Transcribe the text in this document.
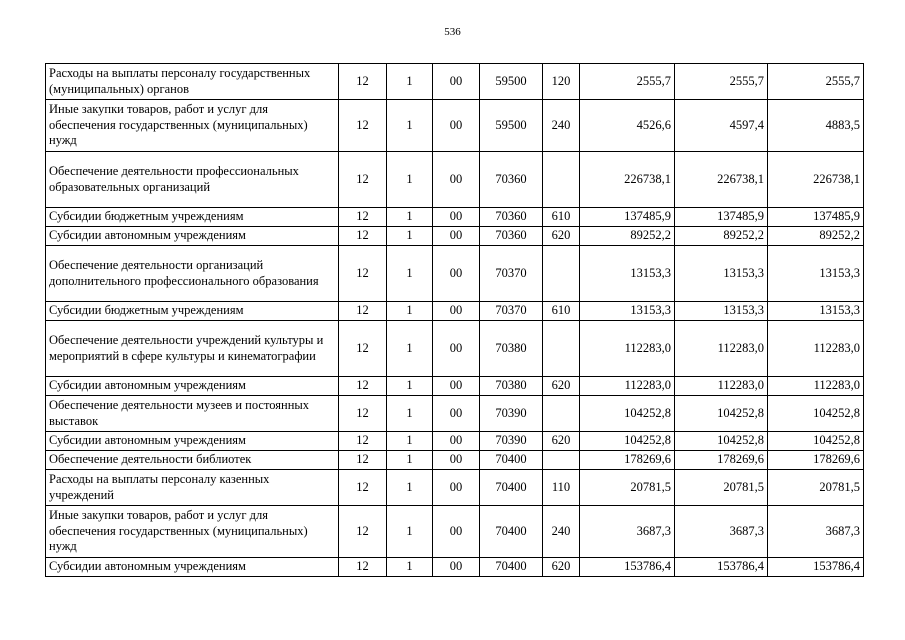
536
Расходы на выплаты персоналу государственных (муниципальных) органов	12	1	00	59500	120	2555,7	2555,7	2555,7
Иные закупки товаров, работ и услуг для обеспечения государственных (муниципальных) нужд	12	1	00	59500	240	4526,6	4597,4	4883,5
Обеспечение деятельности профессиональных образовательных организаций	12	1	00	70360		226738,1	226738,1	226738,1
Субсидии бюджетным учреждениям	12	1	00	70360	610	137485,9	137485,9	137485,9
Субсидии автономным учреждениям	12	1	00	70360	620	89252,2	89252,2	89252,2
Обеспечение деятельности организаций дополнительного профессионального образования	12	1	00	70370		13153,3	13153,3	13153,3
Субсидии бюджетным учреждениям	12	1	00	70370	610	13153,3	13153,3	13153,3
Обеспечение деятельности учреждений культуры и мероприятий в сфере культуры и кинематографии	12	1	00	70380		112283,0	112283,0	112283,0
Субсидии автономным учреждениям	12	1	00	70380	620	112283,0	112283,0	112283,0
Обеспечение деятельности музеев и постоянных выставок	12	1	00	70390		104252,8	104252,8	104252,8
Субсидии автономным учреждениям	12	1	00	70390	620	104252,8	104252,8	104252,8
Обеспечение деятельности библиотек	12	1	00	70400		178269,6	178269,6	178269,6
Расходы на выплаты персоналу казенных учреждений	12	1	00	70400	110	20781,5	20781,5	20781,5
Иные закупки товаров, работ и услуг для обеспечения государственных (муниципальных) нужд	12	1	00	70400	240	3687,3	3687,3	3687,3
Субсидии автономным учреждениям	12	1	00	70400	620	153786,4	153786,4	153786,4
